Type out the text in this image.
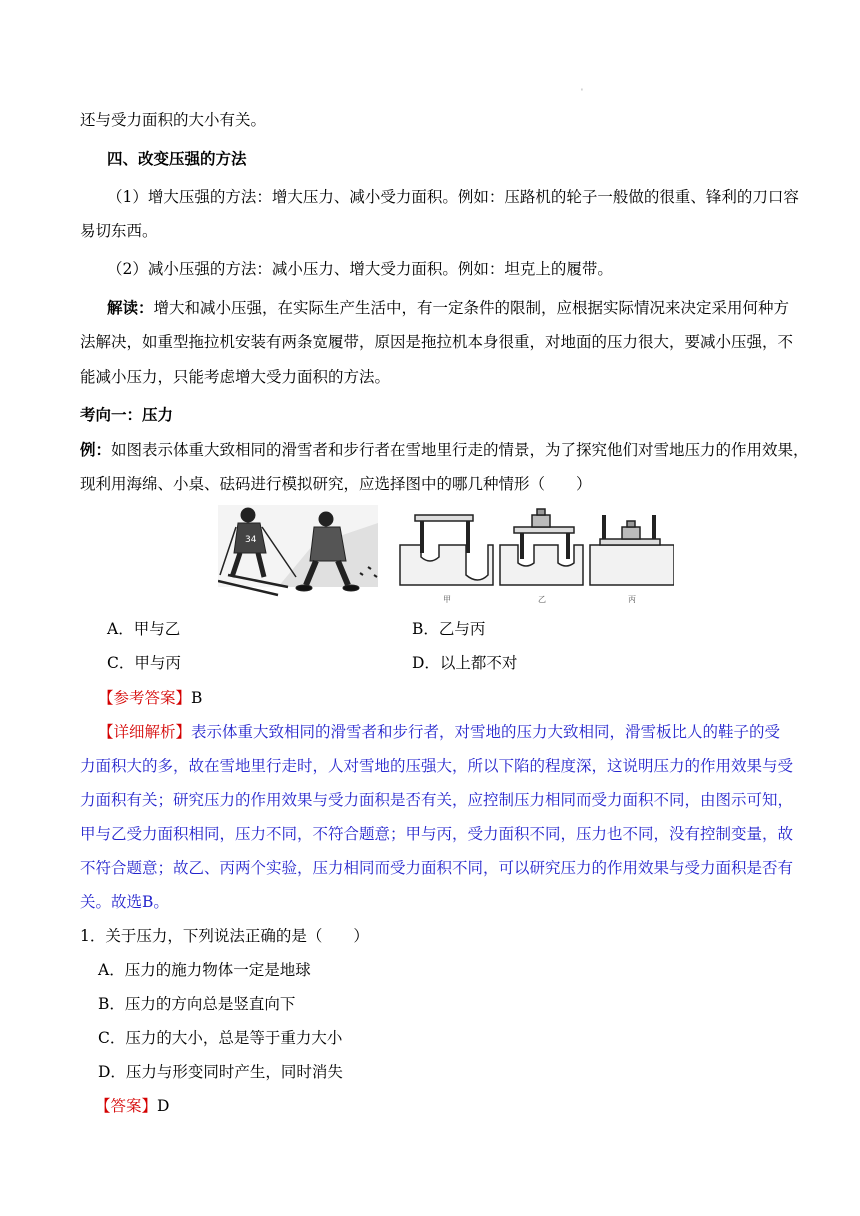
'
还与受力面积的大小有关。
四、改变压强的方法
（1）增大压强的方法：增大压力、减小受力面积。例如：压路机的轮子一般做的很重、锋利的刀口容
易切东西。
（2）减小压强的方法：减小压力、增大受力面积。例如：坦克上的履带。
解读：增大和减小压强，在实际生产生活中，有一定条件的限制，应根据实际情况来决定采用何种方
法解决，如重型拖拉机安装有两条宽履带，原因是拖拉机本身很重，对地面的压力很大，要减小压强，不
能减小压力，只能考虑增大受力面积的方法。
考向一：压力
例：如图表示体重大致相同的滑雪者和步行者在雪地里行走的情景，为了探究他们对雪地压力的作用效果，
现利用海绵、小桌、砝码进行模拟研究，应选择图中的哪几种情形（　　）
34
甲	乙	丙
A．甲与乙	B．乙与丙
C．甲与丙	D．以上都不对
【参考答案】B
【详细解析】表示体重大致相同的滑雪者和步行者，对雪地的压力大致相同，滑雪板比人的鞋子的受
力面积大的多，故在雪地里行走时，人对雪地的压强大，所以下陷的程度深，这说明压力的作用效果与受
力面积有关；研究压力的作用效果与受力面积是否有关，应控制压力相同而受力面积不同，由图示可知，
甲与乙受力面积相同，压力不同，不符合题意；甲与丙，受力面积不同，压力也不同，没有控制变量，故
不符合题意；故乙、丙两个实验，压力相同而受力面积不同，可以研究压力的作用效果与受力面积是否有
关。故选B。
1．关于压力，下列说法正确的是（　　）
A．压力的施力物体一定是地球
B．压力的方向总是竖直向下
C．压力的大小，总是等于重力大小
D．压力与形变同时产生，同时消失
【答案】D
